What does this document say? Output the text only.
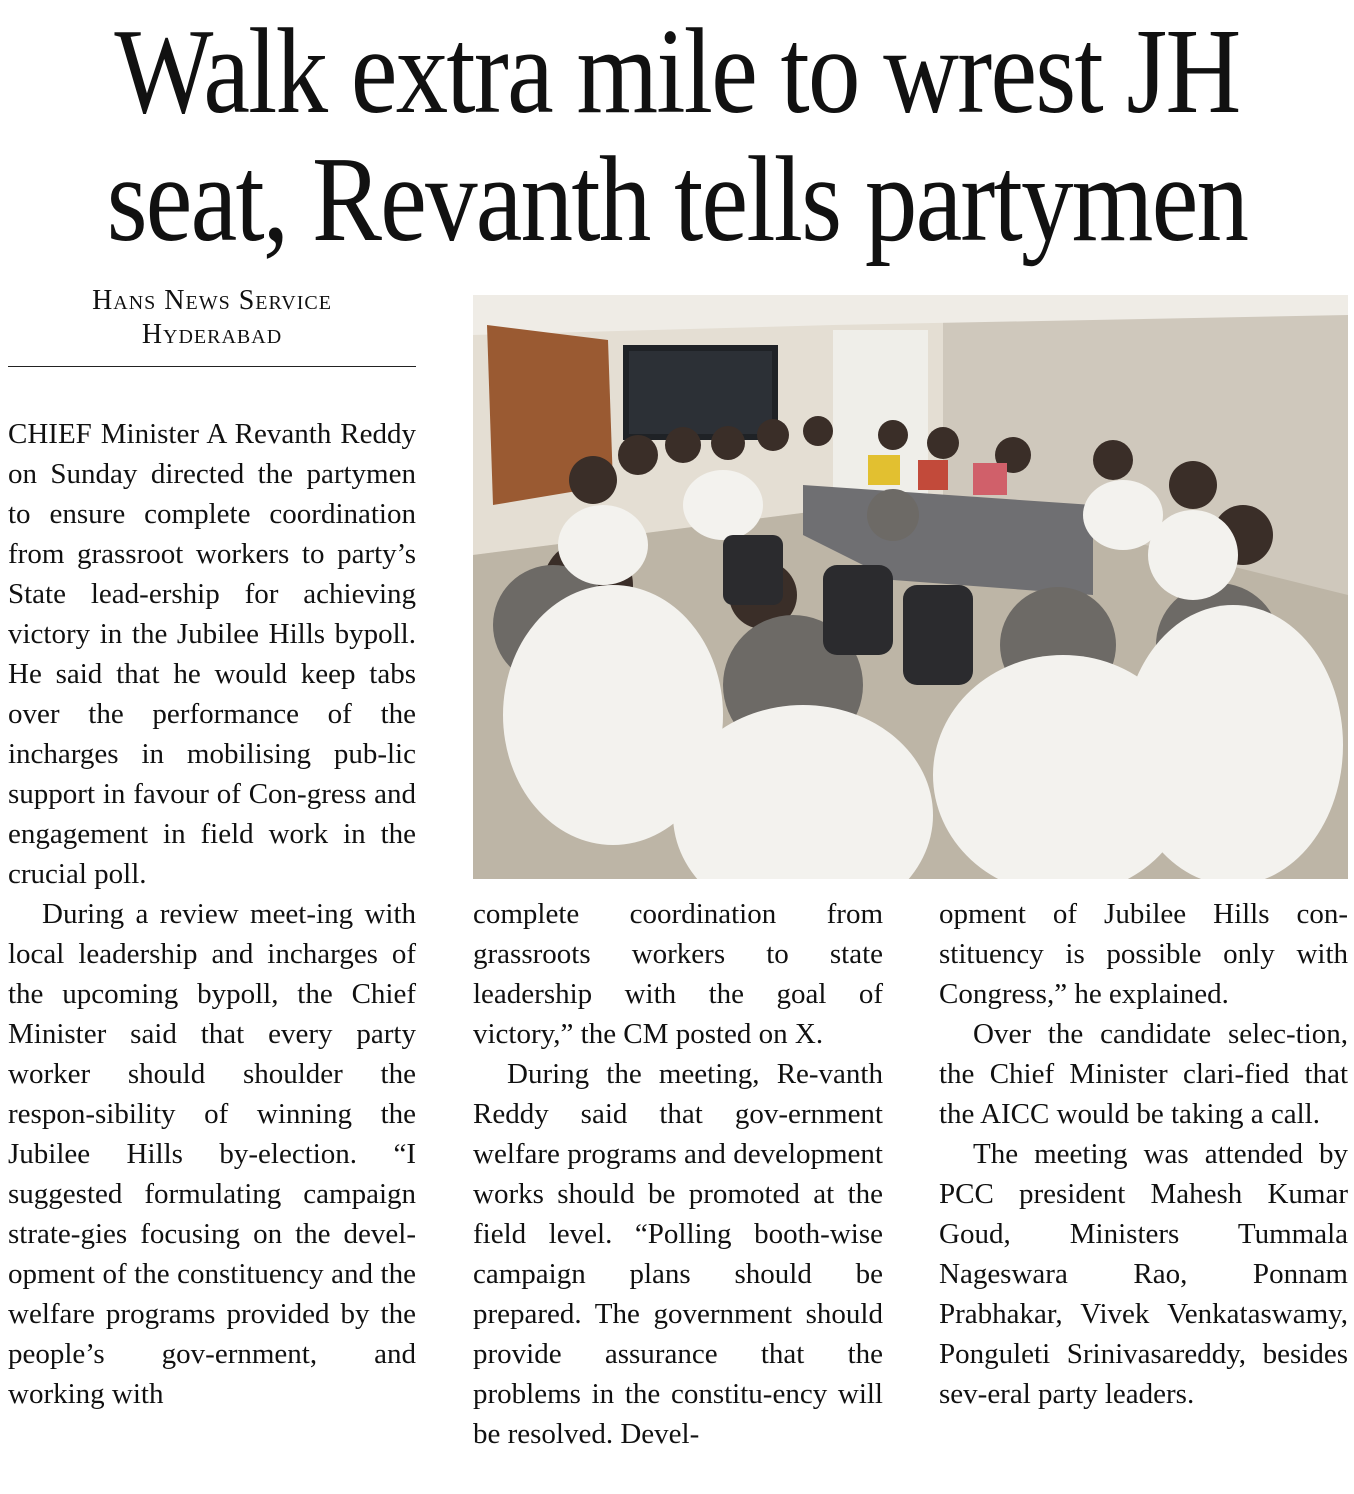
Walk extra mile to wrest JH
seat, Revanth tells partymen
Hans News Service
Hyderabad

CHIEF Minister A Revanth Reddy on Sunday directed the partymen to ensure complete coordination from grassroot workers to party’s State lead-ership for achieving victory in the Jubilee Hills bypoll. He said that he would keep tabs over the performance of the incharges in mobilising pub-lic support in favour of Con-gress and engagement in field work in the crucial poll.

During a review meet-ing with local leadership and incharges of the upcoming bypoll, the Chief Minister said that every party worker should shoulder the respon-sibility of winning the Jubilee Hills by-election. “I suggested formulating campaign strate-gies focusing on the devel-opment of the constituency and the welfare programs provided by the people’s gov-ernment, and working with

complete coordination from grassroots workers to state leadership with the goal of victory,” the CM posted on X.

During the meeting, Re-vanth Reddy said that gov-ernment welfare programs and development works should be promoted at the field level. “Polling booth-wise campaign plans should be prepared. The government should provide assurance that the problems in the constitu-ency will be resolved. Devel-

opment of Jubilee Hills con-stituency is possible only with Congress,” he explained.

Over the candidate selec-tion, the Chief Minister clari-fied that the AICC would be taking a call.

The meeting was attended by PCC president Mahesh Kumar Goud, Ministers Tummala Nageswara Rao, Ponnam Prabhakar, Vivek Venkataswamy, Ponguleti Srinivasareddy, besides sev-eral party leaders.
